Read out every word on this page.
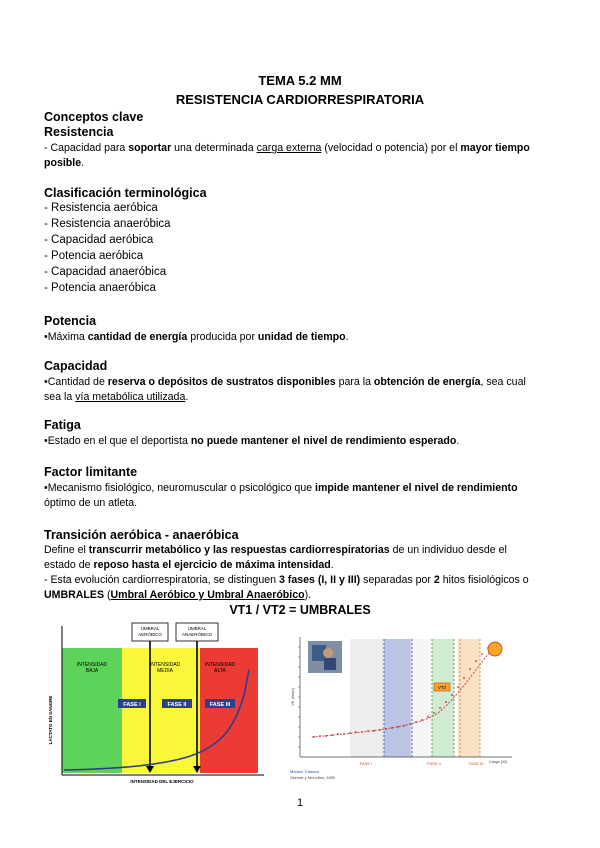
TEMA 5.2 MM
RESISTENCIA CARDIORRESPIRATORIA
Conceptos clave
Resistencia
- Capacidad para soportar una determinada carga externa (velocidad o potencia) por el mayor tiempo
posible.
Clasificación terminológica
- Resistencia aeróbica
- Resistencia anaeróbica
- Capacidad aeróbica
- Potencia aeróbica
- Capacidad anaeróbica
- Potencia anaeróbica
Potencia
•Máxima cantidad de energía producida por unidad de tiempo.
Capacidad
•Cantidad de reserva o depósitos de sustratos disponibles para la obtención de energía, sea cual
sea la vía metabólica utilizada.
Fatiga
•Estado en el que el deportista no puede mantener el nivel de rendimiento esperado.
Factor limitante
•Mecanismo fisiológico, neuromuscular o psicológico que impide mantener el nivel de rendimiento
óptimo de un atleta.
Transición aeróbica - anaeróbica
Define el transcurrir metabólico y las respuestas cardiorrespiratorias de un individuo desde el
estado de reposo hasta el ejercicio de máxima intensidad.
- Esta evolución cardiorrespiratoria, se distinguen 3 fases (I, II y III) separadas por 2 hitos fisiológicos o
UMBRALES (Umbral Aeróbico y Umbral Anaeróbico).
VT1 / VT2 = UMBRALES
INTENSIDAD
BAJA
INTENSIDAD
MEDIA
INTENSIDAD
ALTA
FASE I	FASE II	FASE III
UMBRAL
AERÓBICO
UMBRAL
ANAERÓBICO
INTENSIDAD DEL EJERCICIO
LACTATO EN SANGRE
VT2
FASE I	FASE II	FASE III Carga (W)
VE (l/min)
Modelo Trifásico
Skinner y McLellan, 1980
1
